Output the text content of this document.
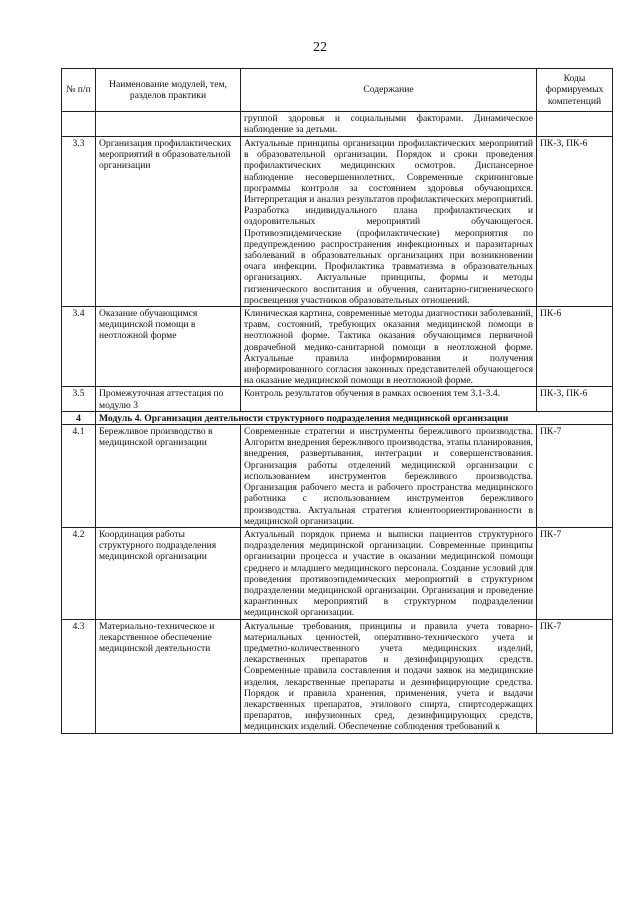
22
№ п/п	Наименование модулей, тем, разделов практики	Содержание	Коды формируемых компетенций
		группой здоровья и социальными факторами. Динамическое наблюдение за детьми.	
3.3	Организация профилактических мероприятий в образовательной организации	Актуальные принципы организации профилактических мероприятий в образовательной организации. Порядок и сроки проведения профилактических медицинских осмотров. Диспансерное наблюдение несовершеннолетних. Современные скрининговые программы контроля за состоянием здоровья обучающихся. Интерпретация и анализ результатов профилактических мероприятий. Разработка индивидуального плана профилактических и оздоровительных мероприятий обучающегося. Противоэпидемические (профилактические) мероприятия по предупреждению распространения инфекционных и паразитарных заболеваний в образовательных организациях при возникновении очага инфекции. Профилактика травматизма в образовательных организациях. Актуальные принципы, формы и методы гигиенического воспитания и обучения, санитарно-гигиенического просвещения участников образовательных отношений.	ПК-3, ПК-6
3.4	Оказание обучающимся медицинской помощи в неотложной форме	Клиническая картина, современные методы диагностики заболеваний, травм, состояний, требующих оказания медицинской помощи в неотложной форме. Тактика оказания обучающимся первичной доврачебной медико-санитарной помощи в неотложной форме. Актуальные правила информирования и получения информированного согласия законных представителей обучающегося на оказание медицинской помощи в неотложной форме.	ПК-6
3.5	Промежуточная аттестация по модулю 3	Контроль результатов обучения в рамках освоения тем 3.1-3.4.	ПК-3, ПК-6
4	Модуль 4. Организация деятельности структурного подразделения медицинской организации		
4.1	Бережливое производство в медицинской организации	Современные стратегии и инструменты бережливого производства. Алгоритм внедрения бережливого производства, этапы планирования, внедрения, развертывания, интеграции и совершенствования. Организация работы отделений медицинской организации с использованием инструментов бережливого производства. Организация рабочего места и рабочего пространства медицинского работника с использованием инструментов бережливого производства. Актуальная стратегия клиентоориентированности в медицинской организации.	ПК-7
4.2	Координация работы структурного подразделения медицинской организации	Актуальный порядок приема и выписки пациентов структурного подразделения медицинской организации. Современные принципы организации процесса и участие в оказании медицинской помощи среднего и младшего медицинского персонала. Создание условий для проведения противоэпидемических мероприятий в структурном подразделении медицинской организации. Организация и проведение карантинных мероприятий в структурном подразделении медицинской организации.	ПК-7
4.3	Материально-техническое и лекарственное обеспечение медицинской деятельности	Актуальные требования, принципы и правила учета товарно-материальных ценностей, оперативно-технического учета и предметно-количественного учета медицинских изделий, лекарственных препаратов и дезинфицирующих средств. Современные правила составления и подачи заявок на медицинские изделия, лекарственные препараты и дезинфицирующие средства. Порядок и правила хранения, применения, учета и выдачи лекарственных препаратов, этилового спирта, спиртсодержащих препаратов, инфузионных сред, дезинфицирующих средств, медицинских изделий. Обеспечение соблюдения требований к	ПК-7
